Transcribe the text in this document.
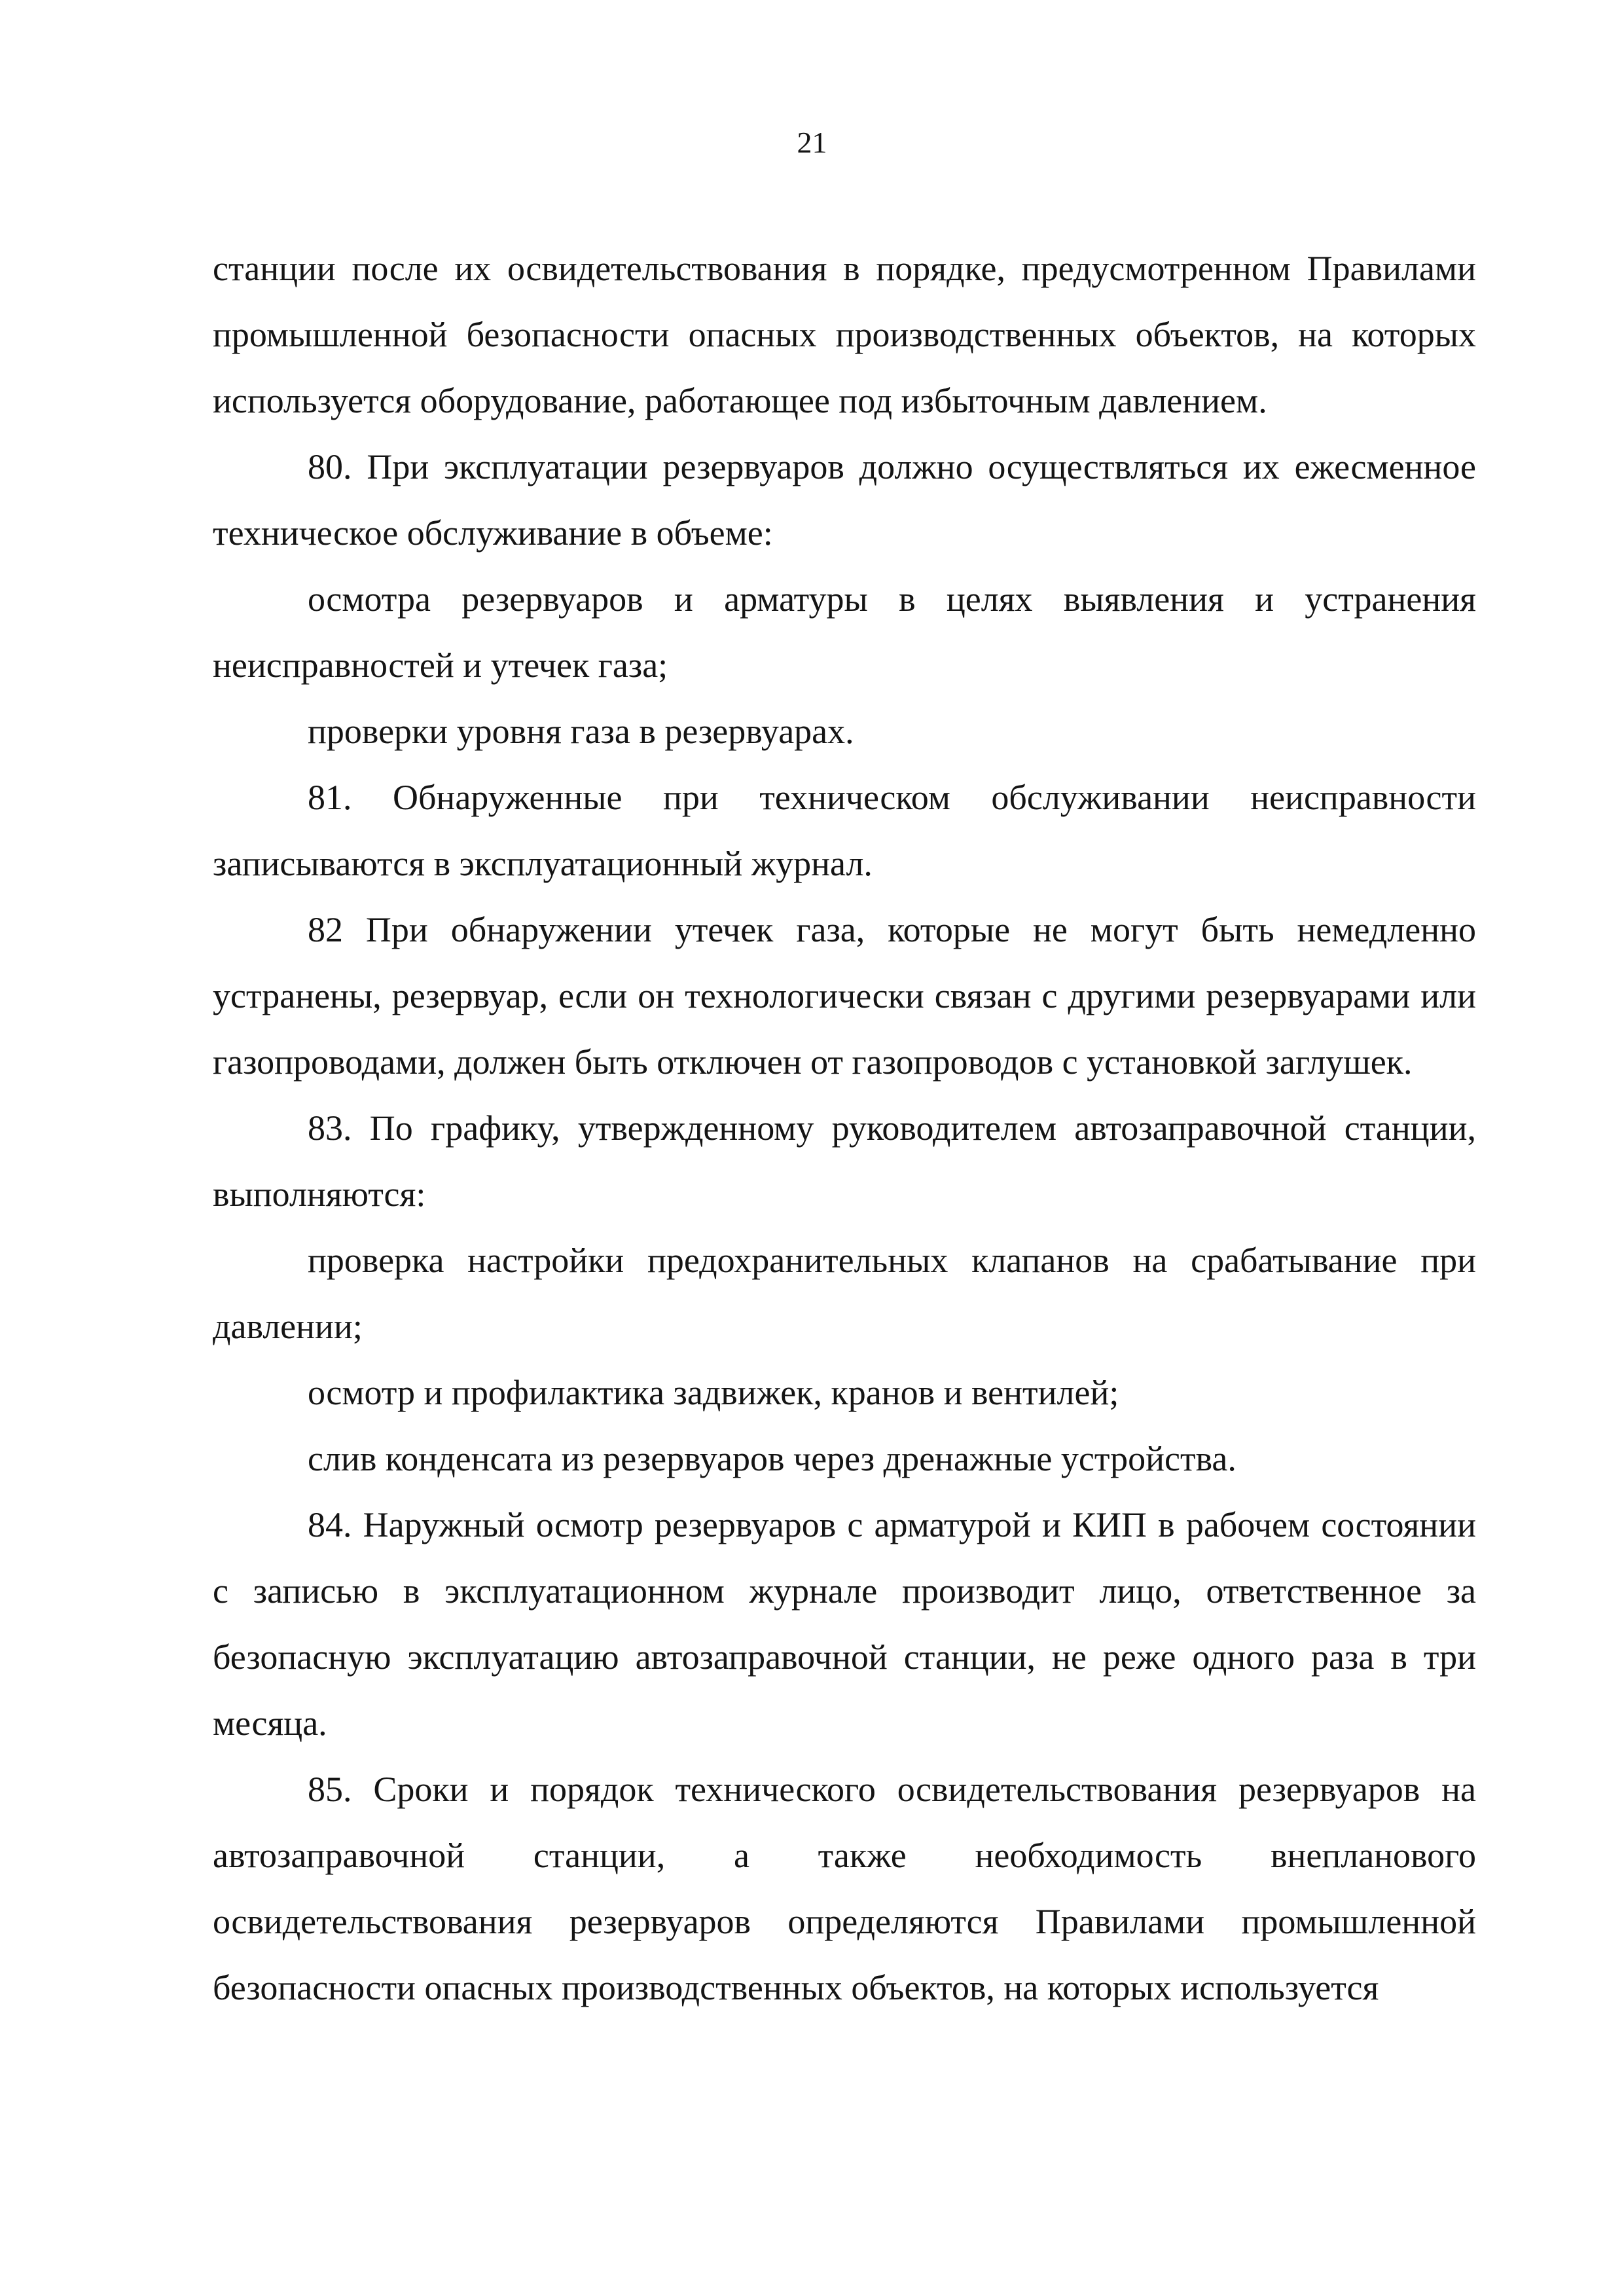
21

станции после их освидетельствования в порядке, предусмотренном Правилами промышленной безопасности опасных производственных объектов, на которых используется оборудование, работающее под избыточным давлением.

80. При эксплуатации резервуаров должно осуществляться их ежесменное техническое обслуживание в объеме:

осмотра резервуаров и арматуры в целях выявления и устранения неисправностей и утечек газа;

проверки уровня газа в резервуарах.

81. Обнаруженные при техническом обслуживании неисправности записываются в эксплуатационный журнал.

82 При обнаружении утечек газа, которые не могут быть немедленно устранены, резервуар, если он технологически связан с другими резервуарами или газопроводами, должен быть отключен от газопроводов с установкой заглушек.

83. По графику, утвержденному руководителем автозаправочной станции, выполняются:

проверка настройки предохранительных клапанов на срабатывание при давлении;

осмотр и профилактика задвижек, кранов и вентилей;

слив конденсата из резервуаров через дренажные устройства.

84. Наружный осмотр резервуаров с арматурой и КИП в рабочем состоянии с записью в эксплуатационном журнале производит лицо, ответственное за безопасную эксплуатацию автозаправочной станции, не реже одного раза в три месяца.

85. Сроки и порядок технического освидетельствования резервуаров на автозаправочной станции, а также необходимость внепланового освидетельствования резервуаров определяются Правилами промышленной безопасности опасных производственных объектов, на которых используется
